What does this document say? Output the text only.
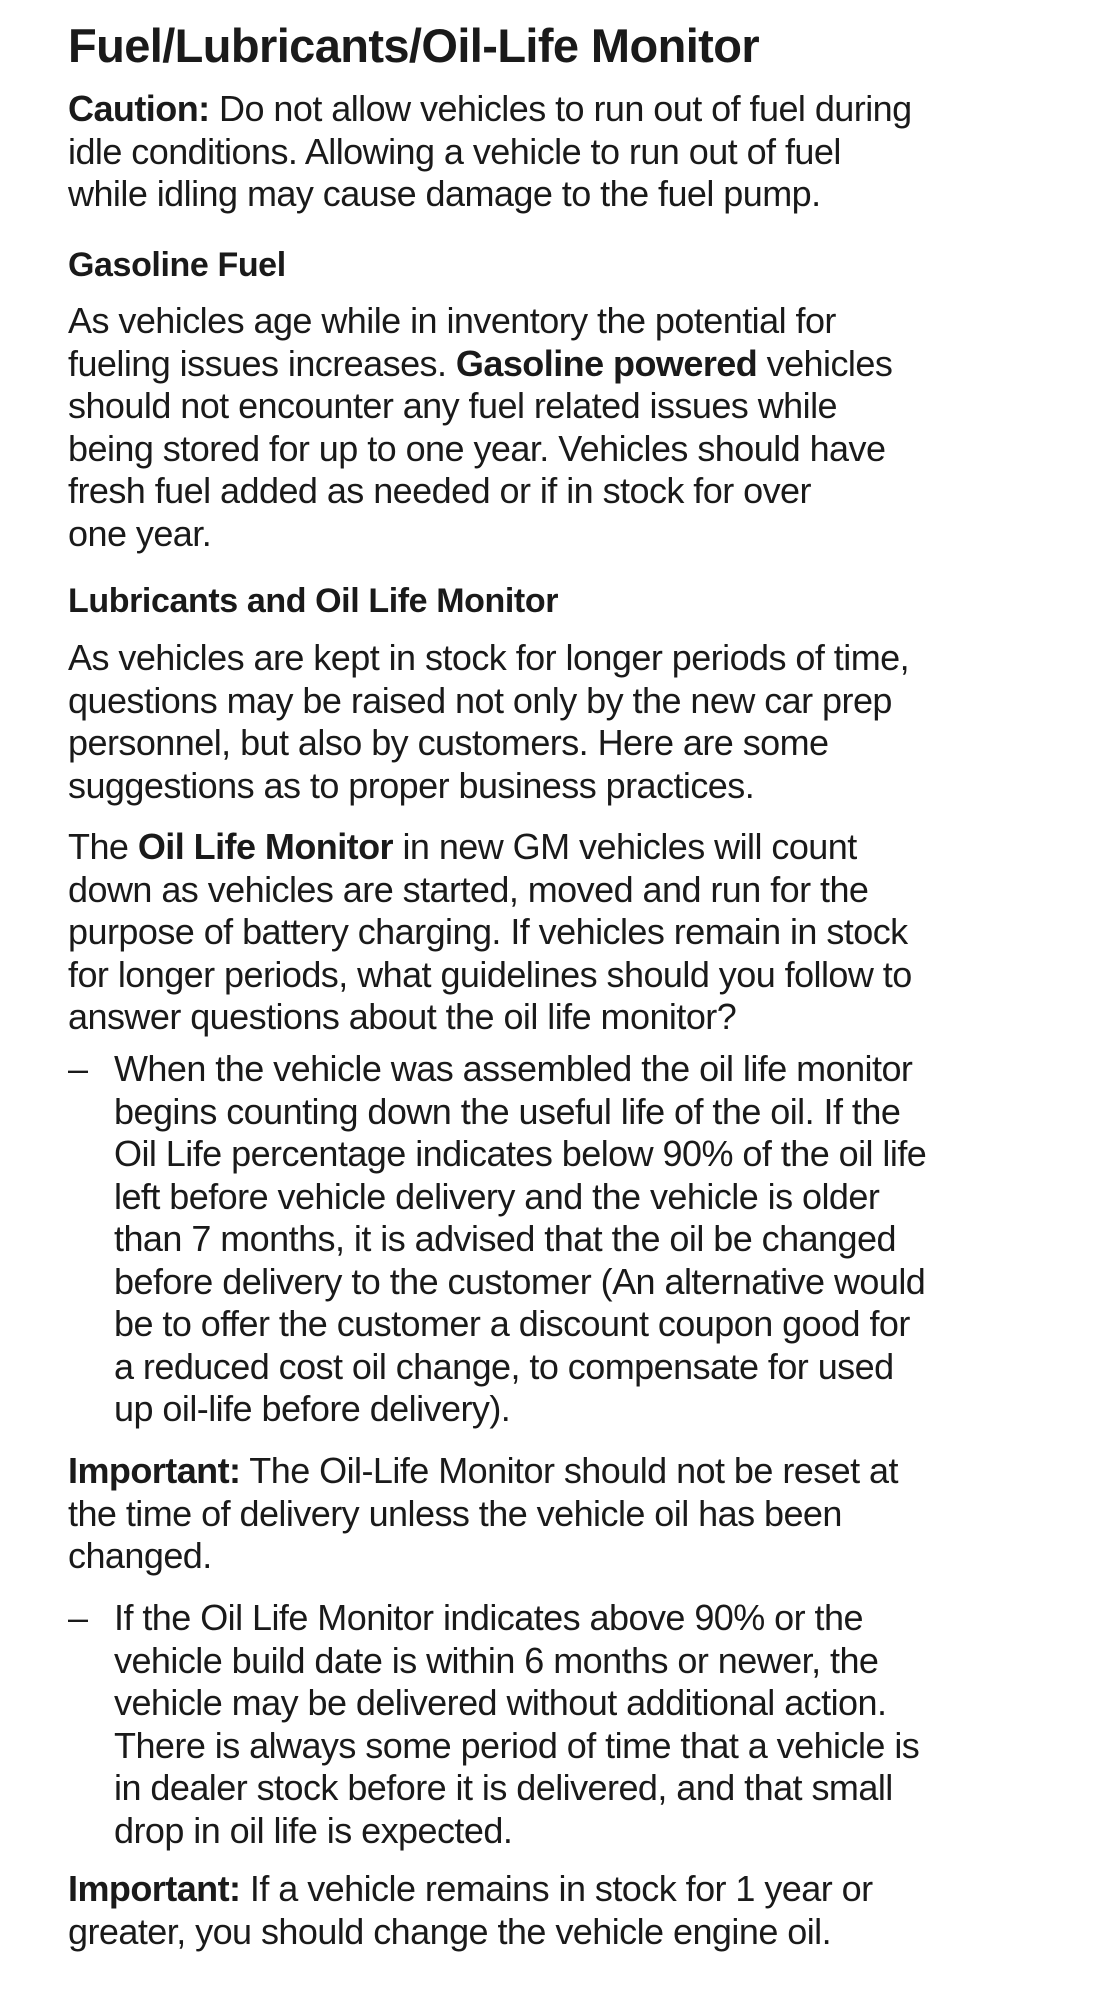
Fuel/Lubricants/Oil-Life Monitor
Caution: Do not allow vehicles to run out of fuel during
idle conditions. Allowing a vehicle to run out of fuel
while idling may cause damage to the fuel pump.
Gasoline Fuel
As vehicles age while in inventory the potential for
fueling issues increases. Gasoline powered vehicles
should not encounter any fuel related issues while
being stored for up to one year. Vehicles should have
fresh fuel added as needed or if in stock for over
one year.
Lubricants and Oil Life Monitor
As vehicles are kept in stock for longer periods of time,
questions may be raised not only by the new car prep
personnel, but also by customers. Here are some
suggestions as to proper business practices.
The Oil Life Monitor in new GM vehicles will count
down as vehicles are started, moved and run for the
purpose of battery charging. If vehicles remain in stock
for longer periods, what guidelines should you follow to
answer questions about the oil life monitor?
– When the vehicle was assembled the oil life monitor
begins counting down the useful life of the oil. If the
Oil Life percentage indicates below 90% of the oil life
left before vehicle delivery and the vehicle is older
than 7 months, it is advised that the oil be changed
before delivery to the customer (An alternative would
be to offer the customer a discount coupon good for
a reduced cost oil change, to compensate for used
up oil-life before delivery).
Important: The Oil-Life Monitor should not be reset at
the time of delivery unless the vehicle oil has been
changed.
– If the Oil Life Monitor indicates above 90% or the
vehicle build date is within 6 months or newer, the
vehicle may be delivered without additional action.
There is always some period of time that a vehicle is
in dealer stock before it is delivered, and that small
drop in oil life is expected.
Important: If a vehicle remains in stock for 1 year or
greater, you should change the vehicle engine oil.
